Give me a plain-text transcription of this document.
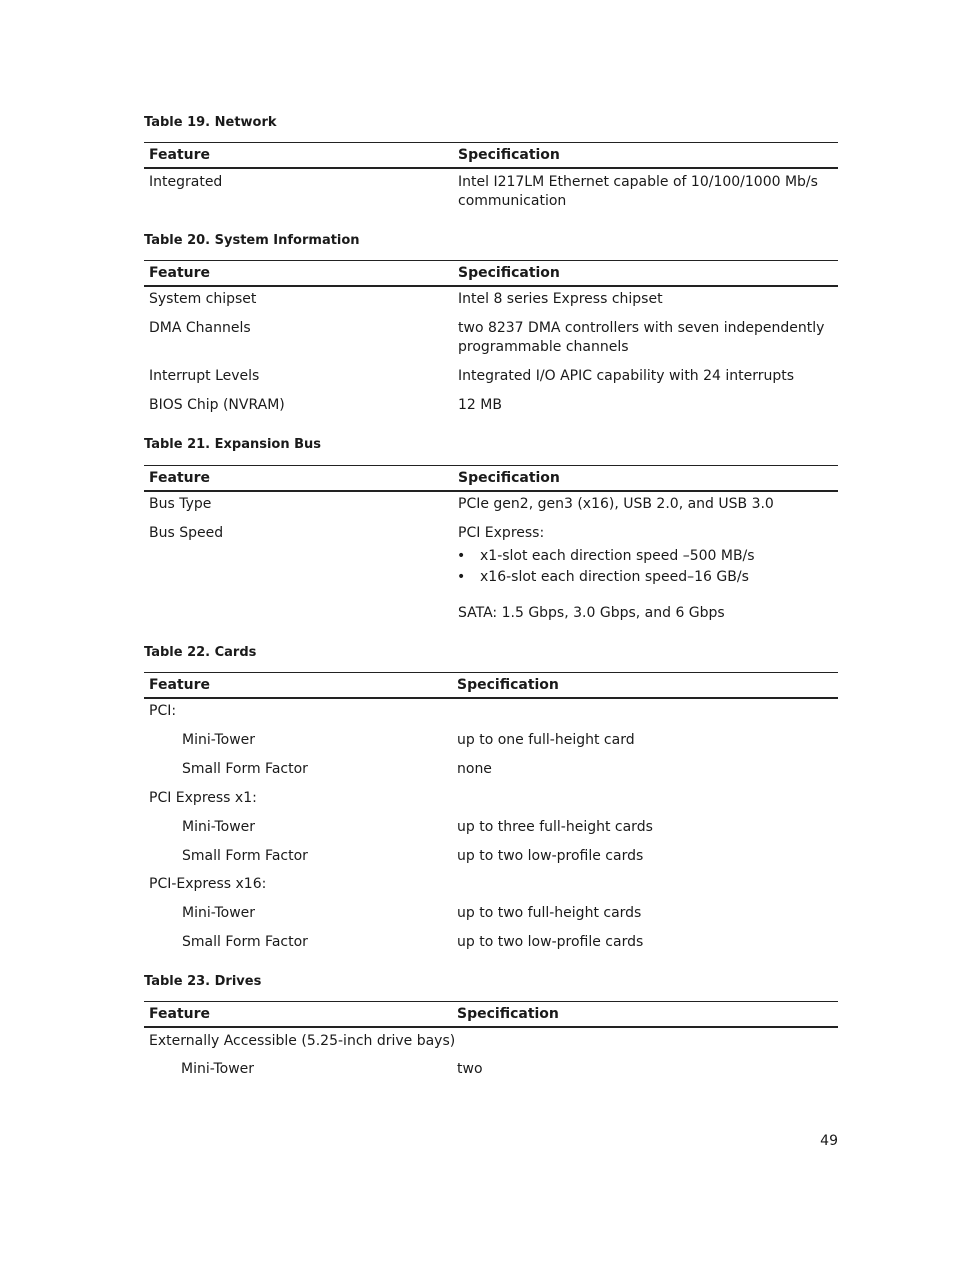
Table 19. Network
Feature	Specification
Integrated	Intel I217LM Ethernet capable of 10/100/1000 Mb/s
communication
Table 20. System Information
Feature	Specification
System chipset	Intel 8 series Express chipset
DMA Channels	two 8237 DMA controllers with seven independently
programmable channels
Interrupt Levels	Integrated I/O APIC capability with 24 interrupts
BIOS Chip (NVRAM)	12 MB
Table 21. Expansion Bus
Feature	Specification
Bus Type	PCIe gen2, gen3 (x16), USB 2.0, and USB 3.0
Bus Speed	PCI Express:
• x1-slot each direction speed –500 MB/s
• x16-slot each direction speed–16 GB/s
SATA: 1.5 Gbps, 3.0 Gbps, and 6 Gbps
Table 22. Cards
Feature	Specification
PCI:
Mini-Tower	up to one full-height card
Small Form Factor	none
PCI Express x1:
Mini-Tower	up to three full-height cards
Small Form Factor	up to two low-profile cards
PCI-Express x16:
Mini-Tower	up to two full-height cards
Small Form Factor	up to two low-profile cards
Table 23. Drives
Feature	Specification
Externally Accessible (5.25-inch drive bays)
Mini-Tower	two
49
